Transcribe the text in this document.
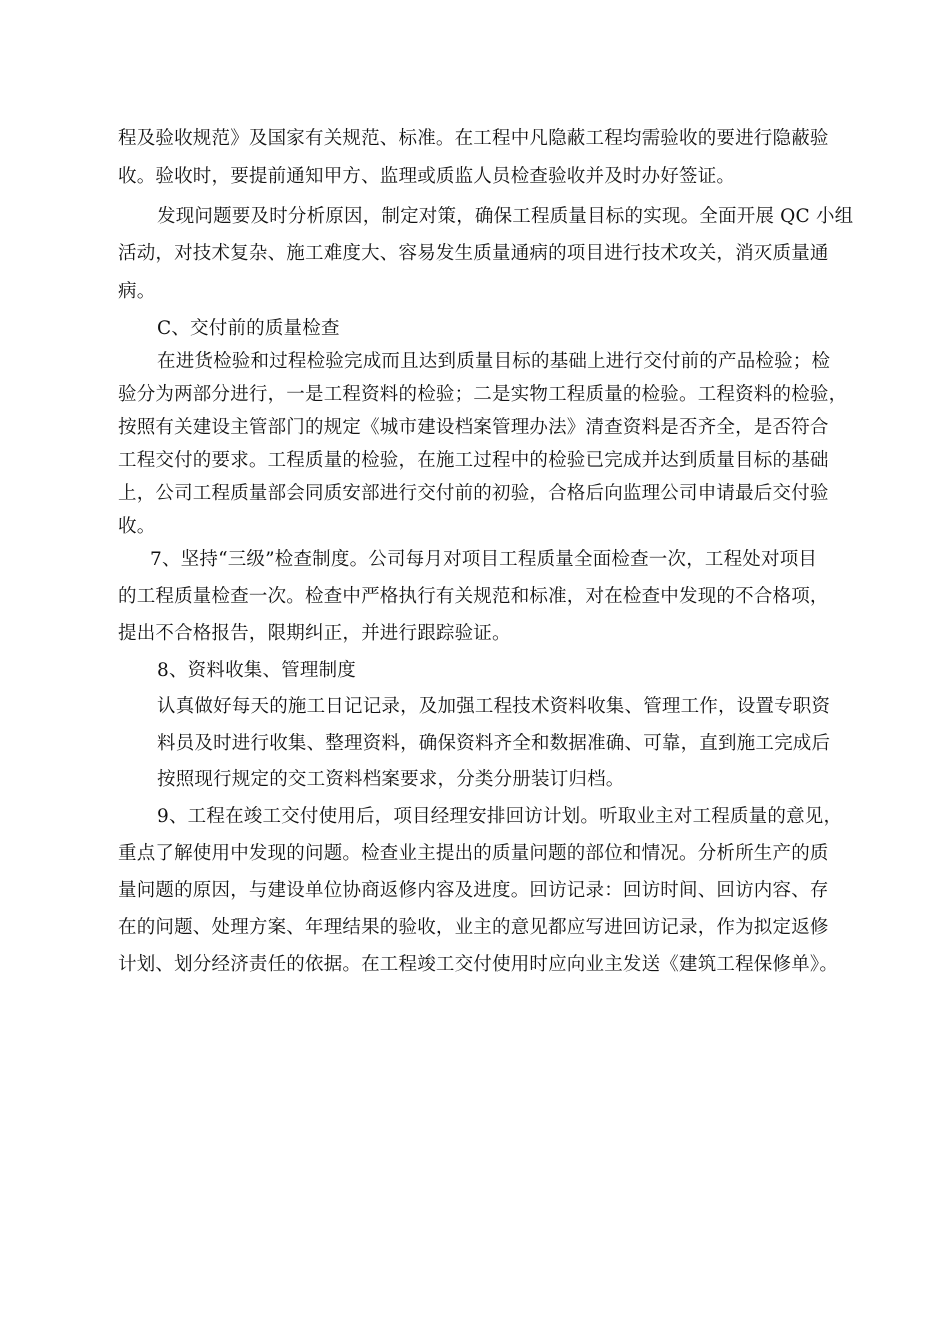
程及验收规范》及国家有关规范、标准。在工程中凡隐蔽工程均需验收的要进行隐蔽验
收。验收时，要提前通知甲方、监理或质监人员检查验收并及时办好签证。
发现问题要及时分析原因，制定对策，确保工程质量目标的实现。全面开展 QC 小组
活动，对技术复杂、施工难度大、容易发生质量通病的项目进行技术攻关，消灭质量通
病。
C、交付前的质量检查
在进货检验和过程检验完成而且达到质量目标的基础上进行交付前的产品检验；检
验分为两部分进行，一是工程资料的检验；二是实物工程质量的检验。工程资料的检验，
按照有关建设主管部门的规定《城市建设档案管理办法》清查资料是否齐全，是否符合
工程交付的要求。工程质量的检验，在施工过程中的检验已完成并达到质量目标的基础
上，公司工程质量部会同质安部进行交付前的初验，合格后向监理公司申请最后交付验
收。
7、坚持“三级”检查制度。公司每月对项目工程质量全面检查一次，工程处对项目
的工程质量检查一次。检查中严格执行有关规范和标准，对在检查中发现的不合格项，
提出不合格报告，限期纠正，并进行跟踪验证。
8、资料收集、管理制度
认真做好每天的施工日记记录，及加强工程技术资料收集、管理工作，设置专职资
料员及时进行收集、整理资料，确保资料齐全和数据准确、可靠，直到施工完成后
按照现行规定的交工资料档案要求，分类分册装订归档。
9、工程在竣工交付使用后，项目经理安排回访计划。听取业主对工程质量的意见，
重点了解使用中发现的问题。检查业主提出的质量问题的部位和情况。分析所生产的质
量问题的原因，与建设单位协商返修内容及进度。回访记录：回访时间、回访内容、存
在的问题、处理方案、年理结果的验收，业主的意见都应写进回访记录，作为拟定返修
计划、划分经济责任的依据。在工程竣工交付使用时应向业主发送《建筑工程保修单》。
